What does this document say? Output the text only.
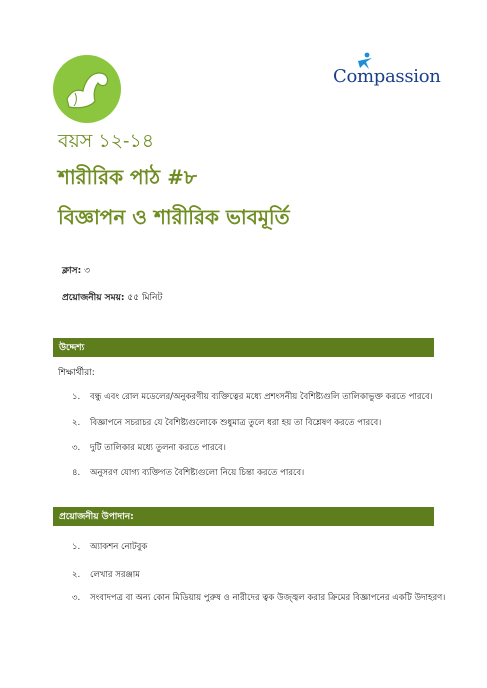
Compassion
বয়স ১২-১৪
শারীরিক পাঠ #৮
বিজ্ঞাপন ও শারীরিক ভাবমূর্তি
ক্লাস: ৩
প্রয়োজনীয় সময়: ৫৫ মিনিট
উদ্দেশ্য
শিক্ষার্থীরা:
১. বন্ধু এবং রোল মডেলের/অনুকরণীয় ব্যক্তিত্বের মধ্যে প্রশংসনীয় বৈশিষ্ট্যগুলি তালিকাভুক্ত করতে পারবে।
২. বিজ্ঞাপনে সচরাচর যে বৈশিষ্ট্যগুলোকে শুধুমাত্র তুলে ধরা হয় তা বিশ্লেষণ করতে পারবে।
৩. দুটি তালিকার মধ্যে তুলনা করতে পারবে।
৪. অনুসরণ যোগ্য ব্যক্তিগত বৈশিষ্ট্যগুলো নিয়ে চিন্তা করতে পারবে।
প্রয়োজনীয় উপাদান:
১. অ্যাকশন নোটবুক
২. লেখার সরঞ্জাম
৩. সংবাদপত্র বা অন্য কোন মিডিয়ায় পুরুষ ও নারীদের ত্বক উজ্জ্বল করার ক্রিমের বিজ্ঞাপনের একটি উদাহরণ।
